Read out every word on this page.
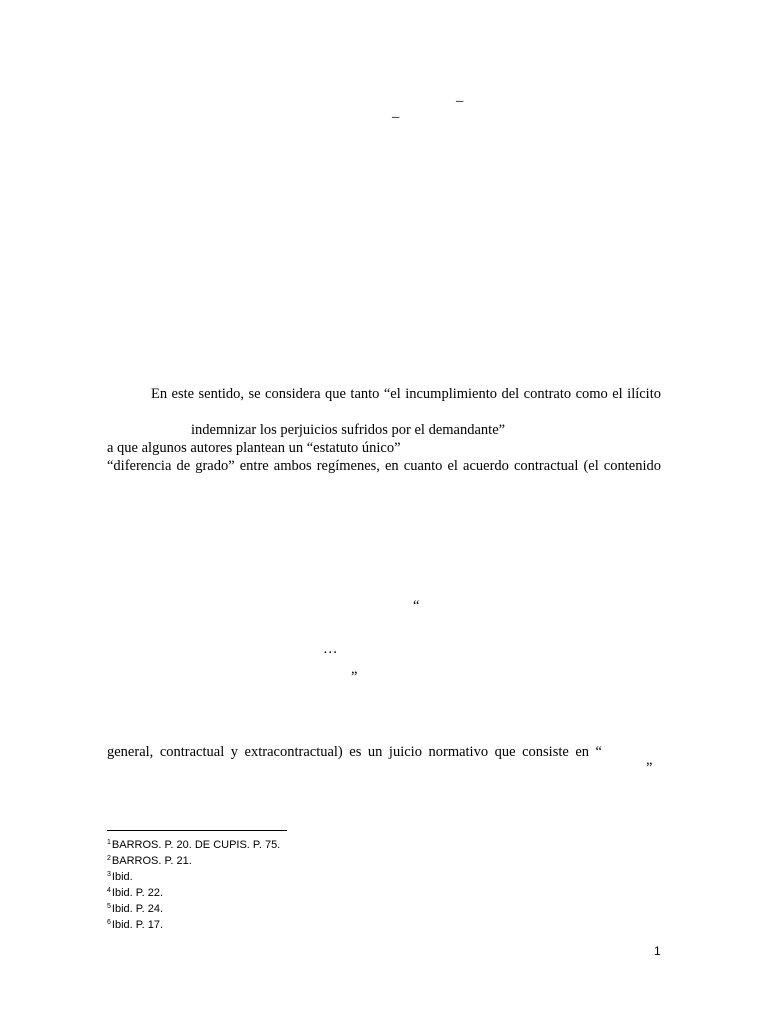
–
–
En este sentido, se considera que tanto “el incumplimiento del contrato como el ilícito
indemnizar los perjuicios sufridos por el demandante”
a que algunos autores plantean un “estatuto único”
“diferencia de grado” entre ambos regímenes, en cuanto el acuerdo contractual (el contenido
“
…
”
general, contractual y extracontractual) es un juicio normativo que consiste en “
”
$^1$BARROS. P. 20. DE CUPIS. P. 75.
$^2$BARROS. P. 21.
$^3$Ibid.
$^4$Ibid. P. 22.
$^5$Ibid. P. 24.
$^6$Ibid. P. 17.
1
